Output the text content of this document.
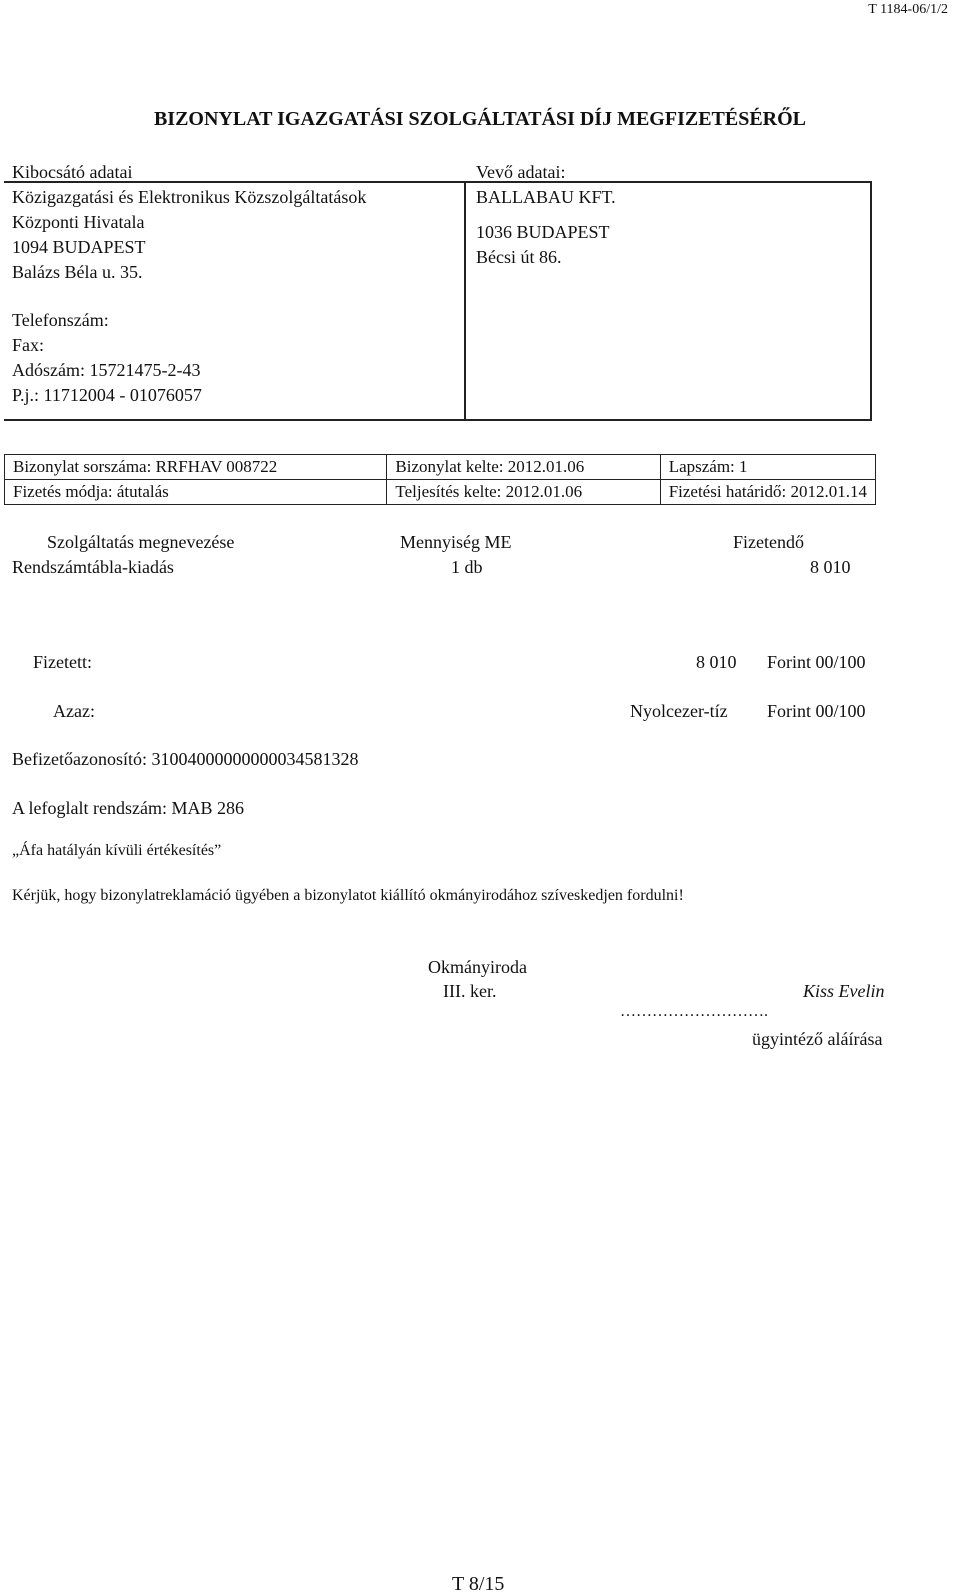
T 1184-06/1/2
BIZONYLAT IGAZGATÁSI SZOLGÁLTATÁSI DÍJ MEGFIZETÉSÉRŐL
Kibocsátó adatai
Közigazgatási és Elektronikus Közszolgáltatások
Központi Hivatala
1094 BUDAPEST
Balázs Béla u. 35.
Telefonszám:
Fax:
Adószám: 15721475-2-43
P.j.: 11712004 - 01076057
Vevő adatai:
BALLABAU KFT.
1036 BUDAPEST
Bécsi út 86.
Bizonylat sorszáma: RRFHAV 008722	Bizonylat kelte: 2012.01.06	Lapszám: 1
Fizetés módja: átutalás	Teljesítés kelte: 2012.01.06	Fizetési határidő: 2012.01.14
Szolgáltatás megnevezése	Mennyiség ME	Fizetendő
Rendszámtábla-kiadás	1 db	8 010
Fizetett:	8 010 Forint 00/100
Azaz:	Nyolcezer-tíz Forint 00/100
Befizetőazonosító: 31004000000000034581328
A lefoglalt rendszám: MAB 286
„Áfa hatályán kívüli értékesítés”
Kérjük, hogy bizonylatreklamáció ügyében a bizonylatot kiállító okmányirodához szíveskedjen fordulni!
Okmányiroda
III. ker.	Kiss Evelin
……………………….
ügyintéző aláírása
T 8/15
